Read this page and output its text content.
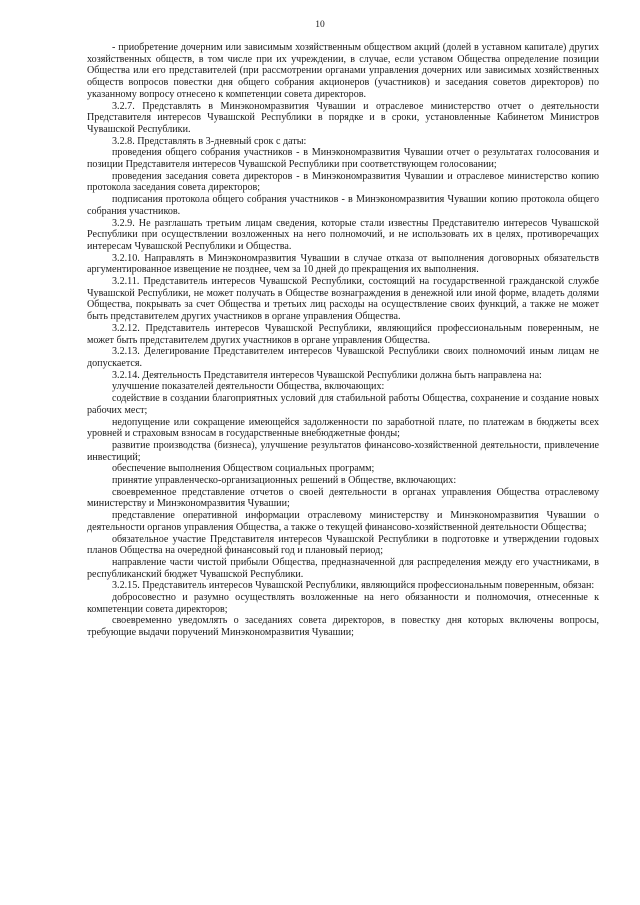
10

- приобретение дочерним или зависимым хозяйственным обществом акций (долей в уставном капитале) других хозяйственных обществ, в том числе при их учреждении, в случае, если уставом Общества определение позиции Общества или его представителей (при рассмотрении органами управления дочерних или зависимых хозяйственных обществ вопросов повестки дня общего собрания акционеров (участников) и заседания советов директоров) по указанному вопросу отнесено к компетенции совета директоров.

3.2.7. Представлять в Минэкономразвития Чувашии и отраслевое министерство отчет о деятельности Представителя интересов Чувашской Республики в порядке и в сроки, установленные Кабинетом Министров Чувашской Республики.

3.2.8. Представлять в 3-дневный срок с даты:

проведения общего собрания участников - в Минэкономразвития Чувашии отчет о результатах голосования и позиции Представителя интересов Чувашской Республики при соответствующем голосовании;

проведения заседания совета директоров - в Минэкономразвития Чувашии и отраслевое министерство копию протокола заседания совета директоров;

подписания протокола общего собрания участников - в Минэкономразвития Чувашии копию протокола общего собрания участников.

3.2.9. Не разглашать третьим лицам сведения, которые стали известны Представителю интересов Чувашской Республики при осуществлении возложенных на него полномочий, и не использовать их в целях, противоречащих интересам Чувашской Республики и Общества.

3.2.10. Направлять в Минэкономразвития Чувашии в случае отказа от выполнения договорных обязательств аргументированное извещение не позднее, чем за 10 дней до прекращения их выполнения.

3.2.11. Представитель интересов Чувашской Республики, состоящий на государственной гражданской службе Чувашской Республики, не может получать в Обществе вознаграждения в денежной или иной форме, владеть долями Общества, покрывать за счет Общества и третьих лиц расходы на осуществление своих функций, а также не может быть представителем других участников в органе управления Общества.

3.2.12. Представитель интересов Чувашской Республики, являющийся профессиональным поверенным, не может быть представителем других участников в органе управления Общества.

3.2.13. Делегирование Представителем интересов Чувашской Республики своих полномочий иным лицам не допускается.

3.2.14. Деятельность Представителя интересов Чувашской Республики должна быть направлена на:

улучшение показателей деятельности Общества, включающих:

содействие в создании благоприятных условий для стабильной работы Общества, сохранение и создание новых рабочих мест;

недопущение или сокращение имеющейся задолженности по заработной плате, по платежам в бюджеты всех уровней и страховым взносам в государственные внебюджетные фонды;

развитие производства (бизнеса), улучшение результатов финансово-хозяйственной деятельности, привлечение инвестиций;

обеспечение выполнения Обществом социальных программ;

принятие управленческо-организационных решений в Обществе, включающих:

своевременное представление отчетов о своей деятельности в органах управления Общества отраслевому министерству и Минэкономразвития Чувашии;

представление оперативной информации отраслевому министерству и Минэкономразвития Чувашии о деятельности органов управления Общества, а также о текущей финансово-хозяйственной деятельности Общества;

обязательное участие Представителя интересов Чувашской Республики в подготовке и утверждении годовых планов Общества на очередной финансовый год и плановый период;

направление части чистой прибыли Общества, предназначенной для распределения между его участниками, в республиканский бюджет Чувашской Республики.

3.2.15. Представитель интересов Чувашской Республики, являющийся профессиональным поверенным, обязан:

добросовестно и разумно осуществлять возложенные на него обязанности и полномочия, отнесенные к компетенции совета директоров;

своевременно уведомлять о заседаниях совета директоров, в повестку дня которых включены вопросы, требующие выдачи поручений Минэкономразвития Чувашии;
